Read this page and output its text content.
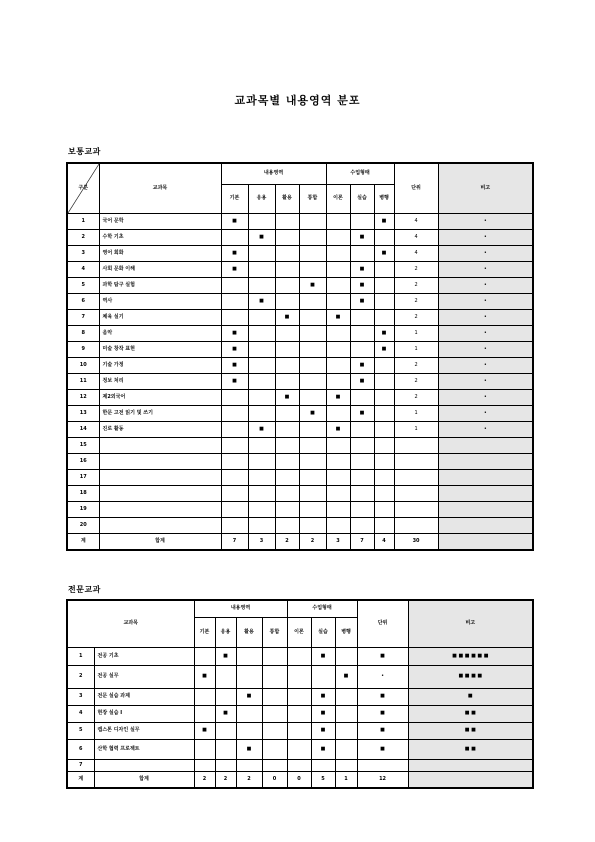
교과목별 내용영역 분포
보통교과
구분	교과목	내용영역				수업형태			단위	비고
		기본	응용	활용	통합	이론	실습	병행		
1	국어 문학	■						■	4	•
2	수학 기초		■				■		4	•
3	영어 회화	■						■	4	•
4	사회 문화 이해	■					■		2	•
5	과학 탐구 실험				■		■		2	•
6	역사		■				■		2	•
7	체육 실기			■		■			2	•
8	음악	■						■	1	•
9	미술 창작 표현	■						■	1	•
10	기술 가정	■					■		2	•
11	정보 처리	■					■		2	•
12	제2외국어			■		■			2	•
13	한문 고전 읽기 및 쓰기				■		■		1	•
14	진로 활동		■			■			1	•
15										
16										
17										
18										
19										
20										
계	합계	7	3	2	2	3	7	4	30	
전문교과
교과목		내용영역				수업형태			단위	비고
		기본	응용	활용	통합	이론	실습	병행		
1	전공 기초		■				■		■	■ ■ ■ ■ ■ ■
2	전공 실무	■						■	•	■ ■ ■ ■
3	전문 실습 과제			■			■		■	■
4	현장 실습 I		■				■		■	■ ■
5	캡스톤 디자인 실무	■					■		■	■ ■
6	산학 협력 프로젝트			■			■		■	■ ■
7										
계	합계	2	2	2	0	0	5	1	12	
